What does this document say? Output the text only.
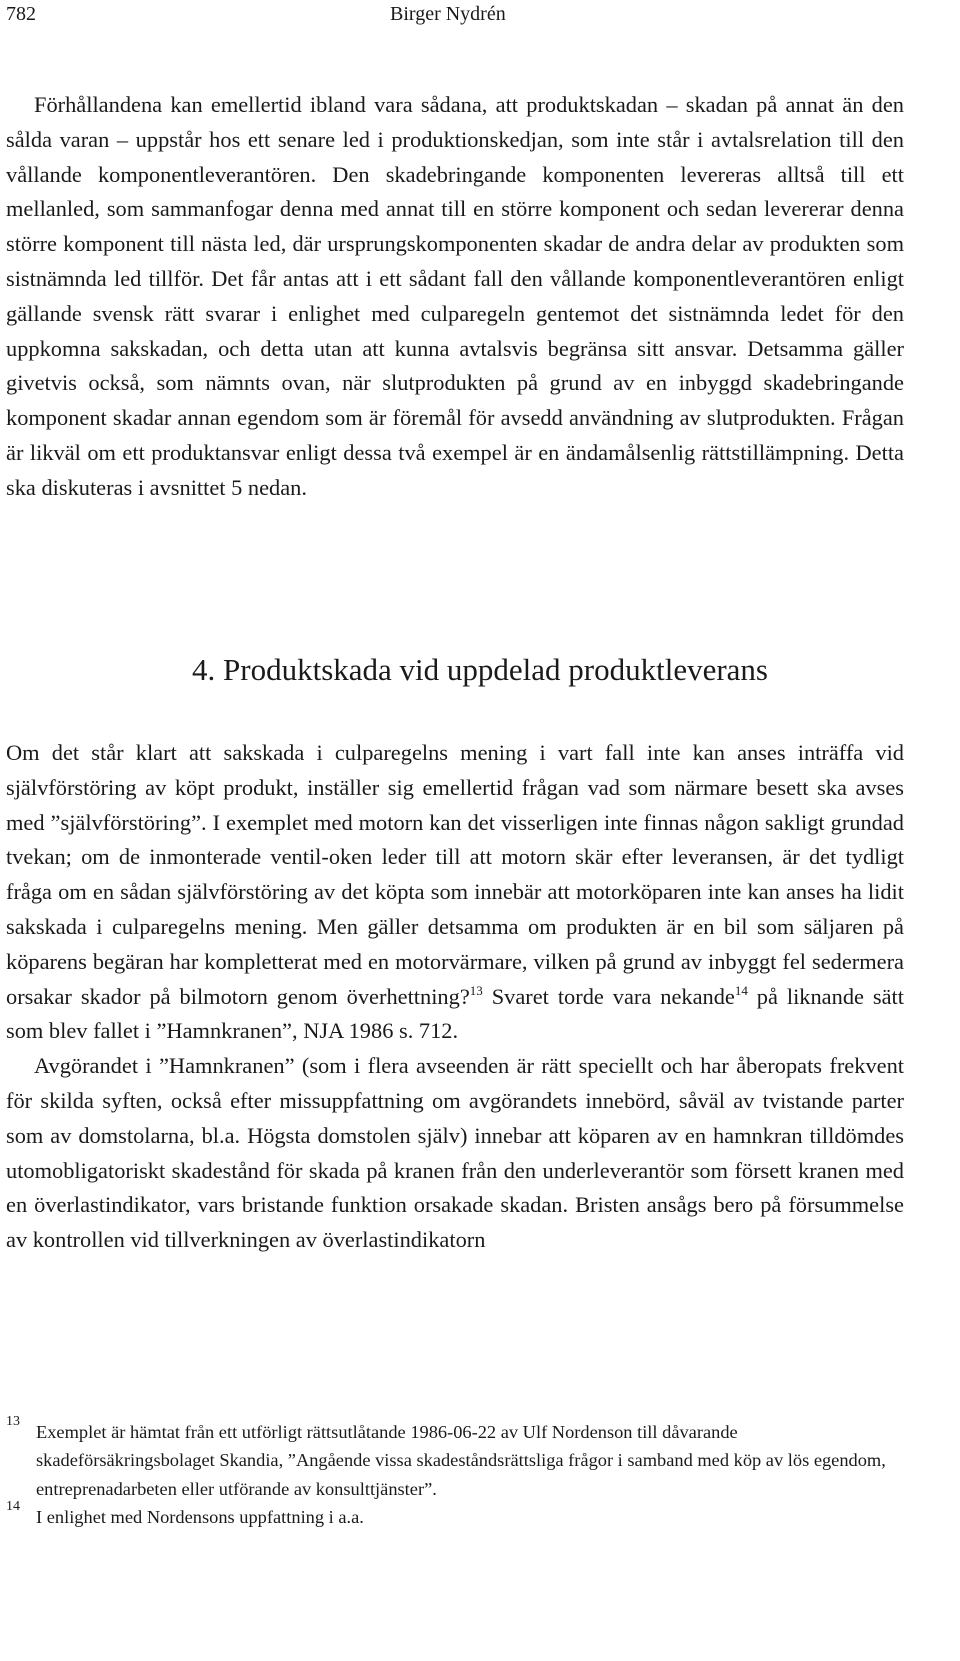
782	Birger Nydrén

Förhållandena kan emellertid ibland vara sådana, att produktskadan – skadan på annat än den sålda varan – uppstår hos ett senare led i produktionskedjan, som inte står i avtalsrelation till den vållande komponentleverantören. Den skadebringande komponenten levereras alltså till ett mellanled, som sammanfogar denna med annat till en större komponent och sedan levererar denna större komponent till nästa led, där ursprungskomponenten skadar de andra delar av produkten som sistnämnda led tillför. Det får antas att i ett sådant fall den vållande komponentleverantören enligt gällande svensk rätt svarar i enlighet med culparegeln gentemot det sistnämnda ledet för den uppkomna sakskadan, och detta utan att kunna avtalsvis begränsa sitt ansvar. Detsamma gäller givetvis också, som nämnts ovan, när slutprodukten på grund av en inbyggd skadebringande komponent skadar annan egendom som är föremål för avsedd användning av slutprodukten. Frågan är likväl om ett produktansvar enligt dessa två exempel är en ändamålsenlig rättstillämpning. Detta ska diskuteras i avsnittet 5 nedan.

4. Produktskada vid uppdelad produktleverans

Om det står klart att sakskada i culparegelns mening i vart fall inte kan anses inträffa vid självförstöring av köpt produkt, inställer sig emellertid frågan vad som närmare besett ska avses med ”självförstöring”. I exemplet med motorn kan det visserligen inte finnas någon sakligt grundad tvekan; om de inmonterade ventil-oken leder till att motorn skär efter leveransen, är det tydligt fråga om en sådan självförstöring av det köpta som innebär att motorköparen inte kan anses ha lidit sakskada i culparegelns mening. Men gäller detsamma om produkten är en bil som säljaren på köparens begäran har kompletterat med en motorvärmare, vilken på grund av inbyggt fel sedermera orsakar skador på bilmotorn genom överhettning?$^{13}$ Svaret torde vara nekande$^{14}$ på liknande sätt som blev fallet i ”Hamnkranen”, NJA 1986 s. 712.

Avgörandet i ”Hamnkranen” (som i flera avseenden är rätt speciellt och har åberopats frekvent för skilda syften, också efter missuppfattning om avgörandets innebörd, såväl av tvistande parter som av domstolarna, bl.a. Högsta domstolen själv) innebar att köparen av en hamnkran tilldömdes utomobligatoriskt skadestånd för skada på kranen från den underleverantör som försett kranen med en överlastindikator, vars bristande funktion orsakade skadan. Bristen ansågs bero på försummelse av kontrollen vid tillverkningen av överlastindikatorn

13
Exemplet är hämtat från ett utförligt rättsutlåtande 1986-06-22 av Ulf Nordenson till dåvarande skadeförsäkringsbolaget Skandia, ”Angående vissa skadeståndsrättsliga frågor i samband med köp av lös egendom, entreprenadarbeten eller utförande av konsulttjänster”.
14
I enlighet med Nordensons uppfattning i a.a.
